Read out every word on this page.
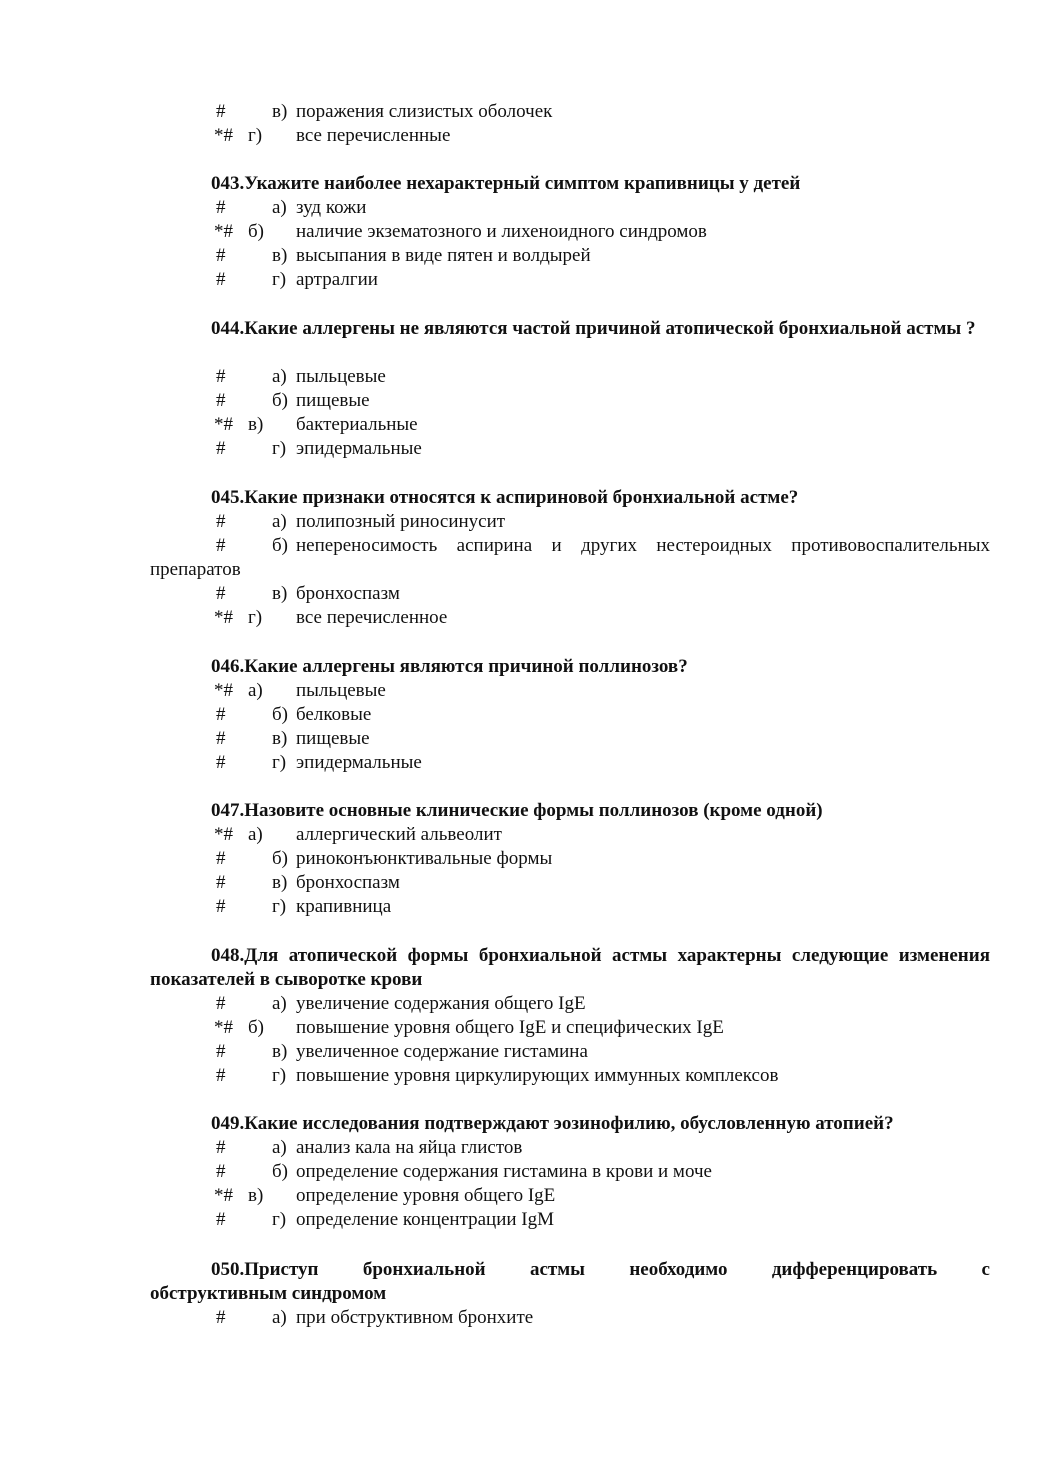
# в) поражения слизистых оболочек
*# г) все перечисленные
043.Укажите наиболее нехарактерный симптом крапивницы у детей
# а) зуд кожи
*# б) наличие экзематозного и лихеноидного синдромов
# в) высыпания в виде пятен и волдырей
# г) артралгии
044.Какие аллергены не являются частой причиной атопической бронхиальной астмы ?
# а) пыльцевые
# б) пищевые
*# в) бактериальные
# г) эпидермальные
045.Какие признаки относятся к аспириновой бронхиальной астме?
# а) полипозный риносинусит
# б) непереносимость аспирина и других нестероидных противовоспалительных
препаратов
# в) бронхоспазм
*# г) все перечисленное
046.Какие аллергены являются причиной поллинозов?
*# а) пыльцевые
# б) белковые
# в) пищевые
# г) эпидермальные
047.Назовите основные клинические формы поллинозов (кроме одной)
*# а) аллергический альвеолит
# б) риноконъюнктивальные формы
# в) бронхоспазм
# г) крапивница
048.Для атопической формы бронхиальной астмы характерны следующие изменения показателей в сыворотке крови
# а) увеличение содержания общего IgE
*# б) повышение уровня общего IgE и специфических IgE
# в) увеличенное содержание гистамина
# г) повышение уровня циркулирующих иммунных комплексов
049.Какие исследования подтверждают эозинофилию, обусловленную атопией?
# а) анализ кала на яйца глистов
# б) определение содержания гистамина в крови и моче
*# в) определение уровня общего IgE
# г) определение концентрации IgM
050.Приступ бронхиальной астмы необходимо дифференцировать с
обструктивным синдромом
# а) при обструктивном бронхите
